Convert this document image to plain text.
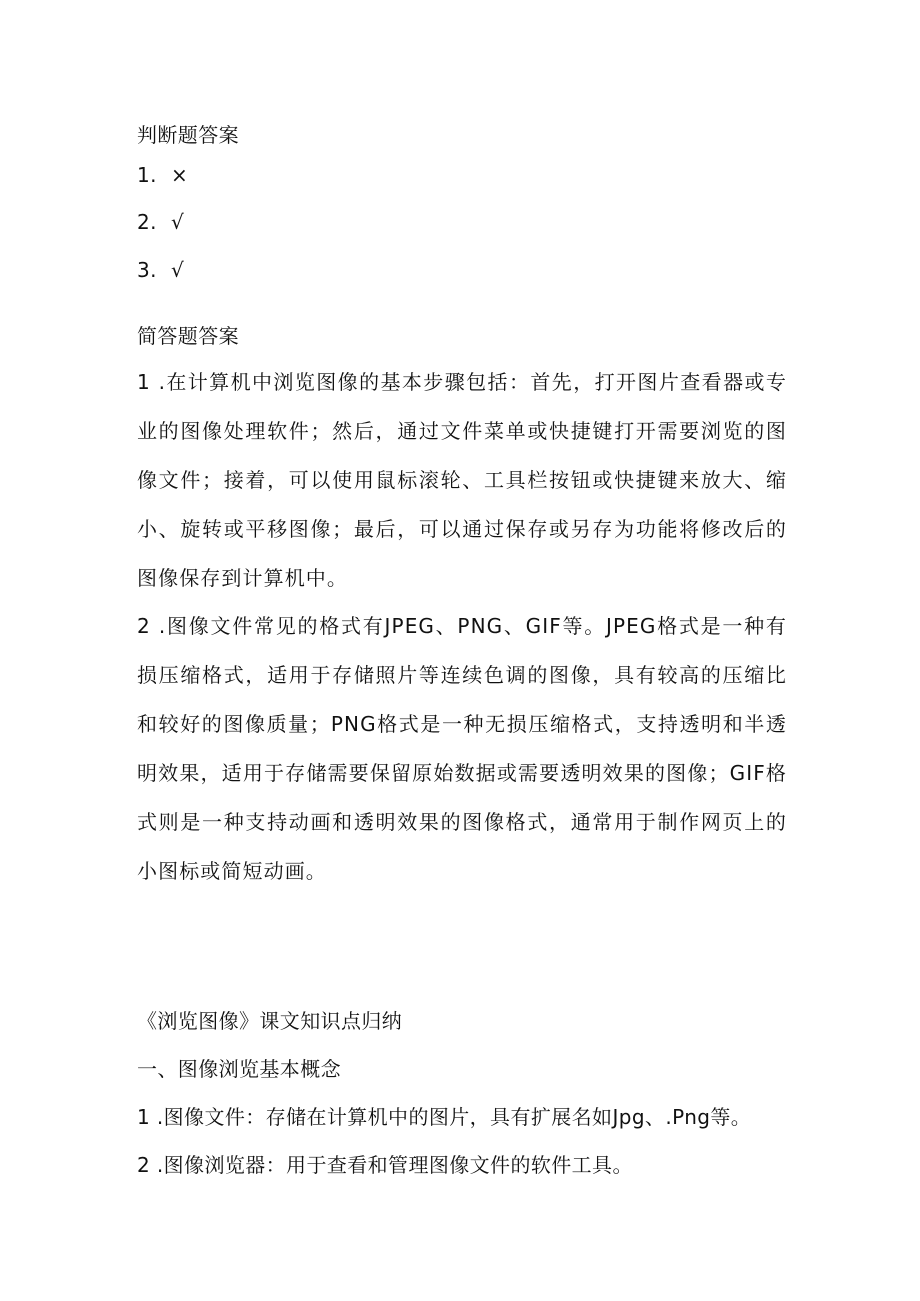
判断题答案

1. ×

2. √

3. √

简答题答案

1 .在计算机中浏览图像的基本步骤包括：首先，打开图片查看器或专业的图像处理软件；然后，通过文件菜单或快捷键打开需要浏览的图像文件；接着，可以使用鼠标滚轮、工具栏按钮或快捷键来放大、缩小、旋转或平移图像；最后，可以通过保存或另存为功能将修改后的图像保存到计算机中。

2 .图像文件常见的格式有JPEG、PNG、GIF等。JPEG格式是一种有损压缩格式，适用于存储照片等连续色调的图像，具有较高的压缩比和较好的图像质量；PNG格式是一种无损压缩格式，支持透明和半透明效果，适用于存储需要保留原始数据或需要透明效果的图像；GIF格式则是一种支持动画和透明效果的图像格式，通常用于制作网页上的小图标或简短动画。

《浏览图像》课文知识点归纳

一、图像浏览基本概念

1 .图像文件：存储在计算机中的图片，具有扩展名如Jpg、.Png等。

2 .图像浏览器：用于查看和管理图像文件的软件工具。
